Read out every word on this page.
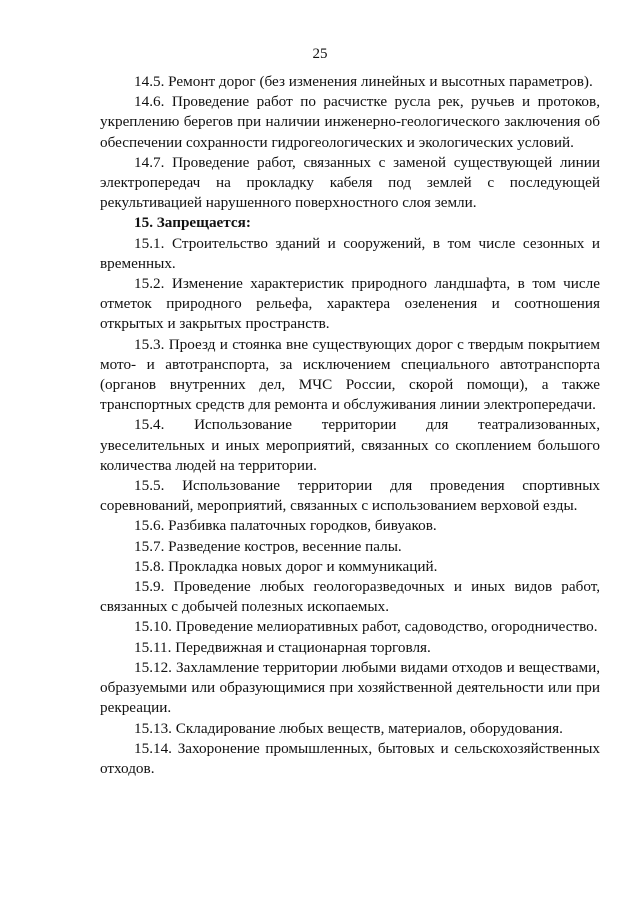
25

14.5. Ремонт дорог (без изменения линейных и высотных параметров).

14.6. Проведение работ по расчистке русла рек, ручьев и протоков, укреплению берегов при наличии инженерно-геологического заключения об обеспечении сохранности гидрогеологических и экологических условий.

14.7. Проведение работ, связанных с заменой существующей линии электропередач на прокладку кабеля под землей с последующей рекультивацией нарушенного поверхностного слоя земли.

15. Запрещается:

15.1. Строительство зданий и сооружений, в том числе сезонных и временных.

15.2. Изменение характеристик природного ландшафта, в том числе отметок природного рельефа, характера озеленения и соотношения открытых и закрытых пространств.

15.3. Проезд и стоянка вне существующих дорог с твердым покрытием мото- и автотранспорта, за исключением специального автотранспорта (органов внутренних дел, МЧС России, скорой помощи), а также транспортных средств для ремонта и обслуживания линии электропередачи.

15.4. Использование территории для театрализованных, увеселительных и иных мероприятий, связанных со скоплением большого количества людей на территории.

15.5. Использование территории для проведения спортивных соревнований, мероприятий, связанных с использованием верховой езды.

15.6. Разбивка палаточных городков, бивуаков.

15.7. Разведение костров, весенние палы.

15.8. Прокладка новых дорог и коммуникаций.

15.9. Проведение любых геологоразведочных и иных видов работ, связанных с добычей полезных ископаемых.

15.10. Проведение мелиоративных работ, садоводство, огородничество.

15.11. Передвижная и стационарная торговля.

15.12. Захламление территории любыми видами отходов и веществами, образуемыми или образующимися при хозяйственной деятельности или при рекреации.

15.13. Складирование любых веществ, материалов, оборудования.

15.14. Захоронение промышленных, бытовых и сельскохозяйственных отходов.
